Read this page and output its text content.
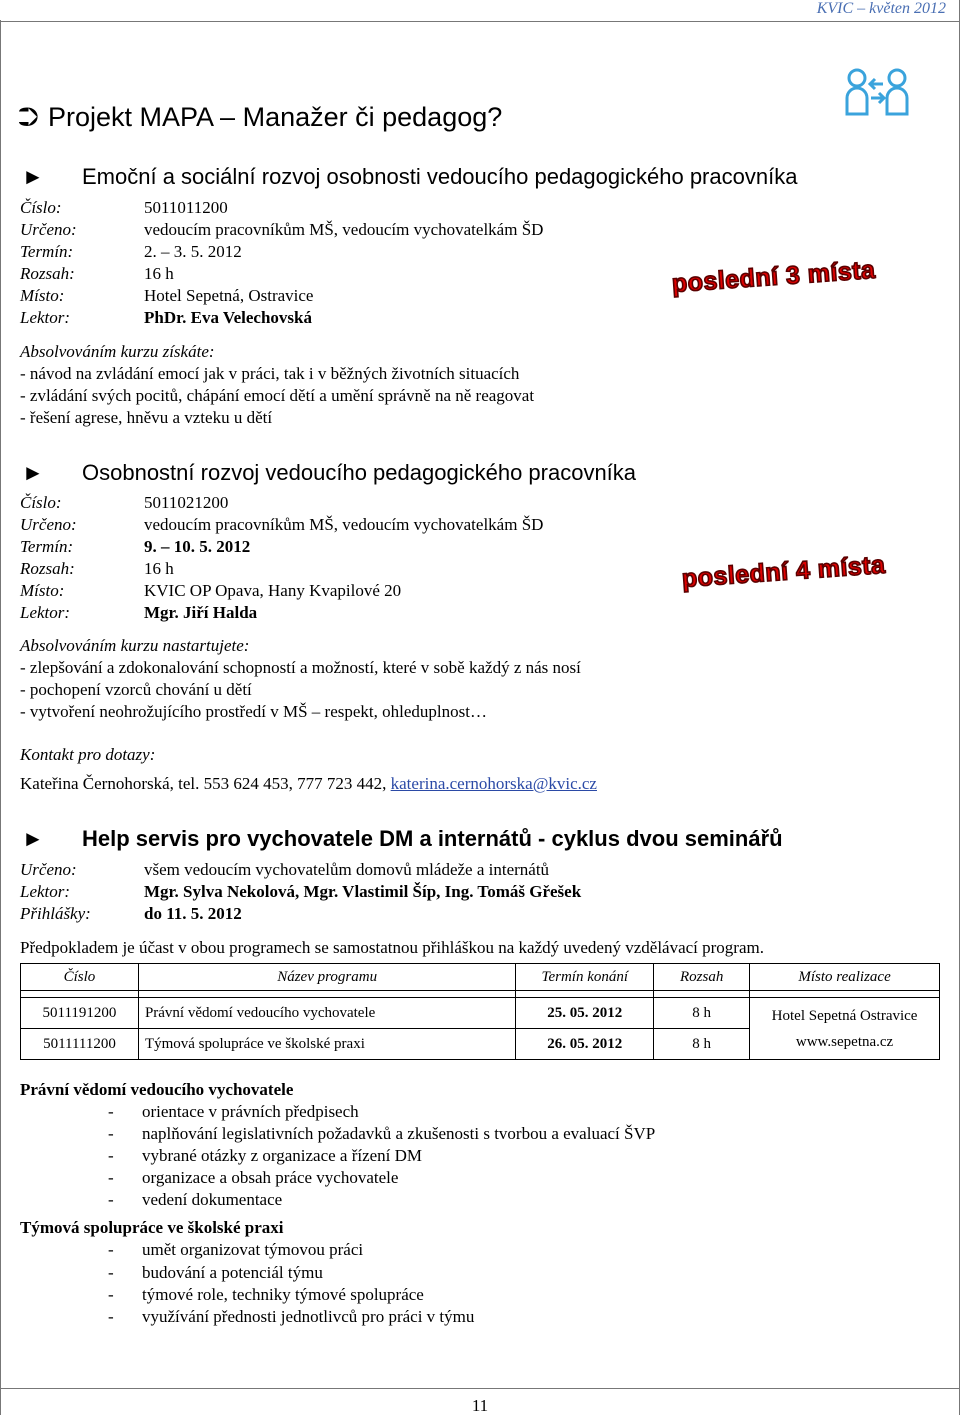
KVIC – květen 2012
⮊ Projekt MAPA – Manažer či pedagog?
► Emoční a sociální rozvoj osobnosti vedoucího pedagogického pracovníka
Číslo:	5011011200
Určeno:	vedoucím pracovníkům MŠ, vedoucím vychovatelkám ŠD
Termín:	2. – 3. 5. 2012
Rozsah:	16 h
Místo:	Hotel Sepetná, Ostravice
Lektor:	PhDr. Eva Velechovská
poslední 3 místa
Absolvováním kurzu získáte:
- návod na zvládání emocí jak v práci, tak i v běžných životních situacích
- zvládání svých pocitů, chápání emocí dětí a umění správně na ně reagovat
- řešení agrese, hněvu a vzteku u dětí
► Osobnostní rozvoj vedoucího pedagogického pracovníka
Číslo:	5011021200
Určeno:	vedoucím pracovníkům MŠ, vedoucím vychovatelkám ŠD
Termín:	9. – 10. 5. 2012
Rozsah:	16 h
Místo:	KVIC OP Opava, Hany Kvapilové 20
Lektor:	Mgr. Jiří Halda
poslední 4 místa
Absolvováním kurzu nastartujete:
- zlepšování a zdokonalování schopností a možností, které v sobě každý z nás nosí
- pochopení vzorců chování u dětí
- vytvoření neohrožujícího prostředí v MŠ – respekt, ohleduplnost…
Kontakt pro dotazy:
Kateřina Černohorská, tel. 553 624 453, 777 723 442, katerina.cernohorska@kvic.cz
► Help servis pro vychovatele DM a internátů - cyklus dvou seminářů
Určeno:	všem vedoucím vychovatelům domovů mládeže a internátů
Lektor:	Mgr. Sylva Nekolová, Mgr. Vlastimil Šíp, Ing. Tomáš Gřešek
Přihlášky:	do 11. 5. 2012
Předpokladem je účast v obou programech se samostatnou přihláškou na každý uvedený vzdělávací program.
Číslo	Název programu	Termín konání	Rozsah	Místo realizace

5011191200	Právní vědomí vedoucího vychovatele	25. 05. 2012	8 h	Hotel Sepetná Ostravice
www.sepetna.cz

5011111200	Týmová spolupráce ve školské praxi	26. 05. 2012	8 h	
Právní vědomí vedoucího vychovatele
- orientace v právních předpisech
- naplňování legislativních požadavků a zkušenosti s tvorbou a evaluací ŠVP
- vybrané otázky z organizace a řízení DM
- organizace a obsah práce vychovatele
- vedení dokumentace
Týmová spolupráce ve školské praxi
- umět organizovat týmovou práci
- budování a potenciál týmu
- týmové role, techniky týmové spolupráce
- využívání přednosti jednotlivců pro práci v týmu
11
